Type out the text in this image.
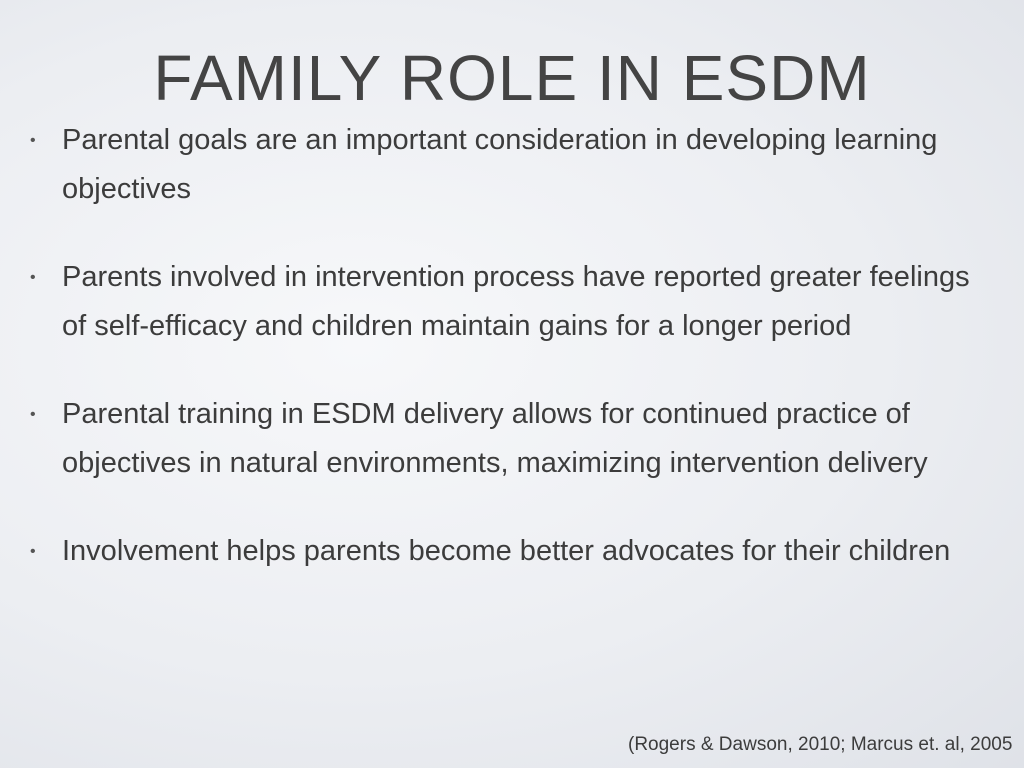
FAMILY ROLE IN ESDM
• Parental goals are an important consideration in developing learning objectives
• Parents involved in intervention process have reported greater feelings of self-efficacy and children maintain gains for a longer period
• Parental training in ESDM delivery allows for continued practice of objectives in natural environments, maximizing intervention delivery
• Involvement helps parents become better advocates for their children
(Rogers & Dawson, 2010; Marcus et. al, 2005
